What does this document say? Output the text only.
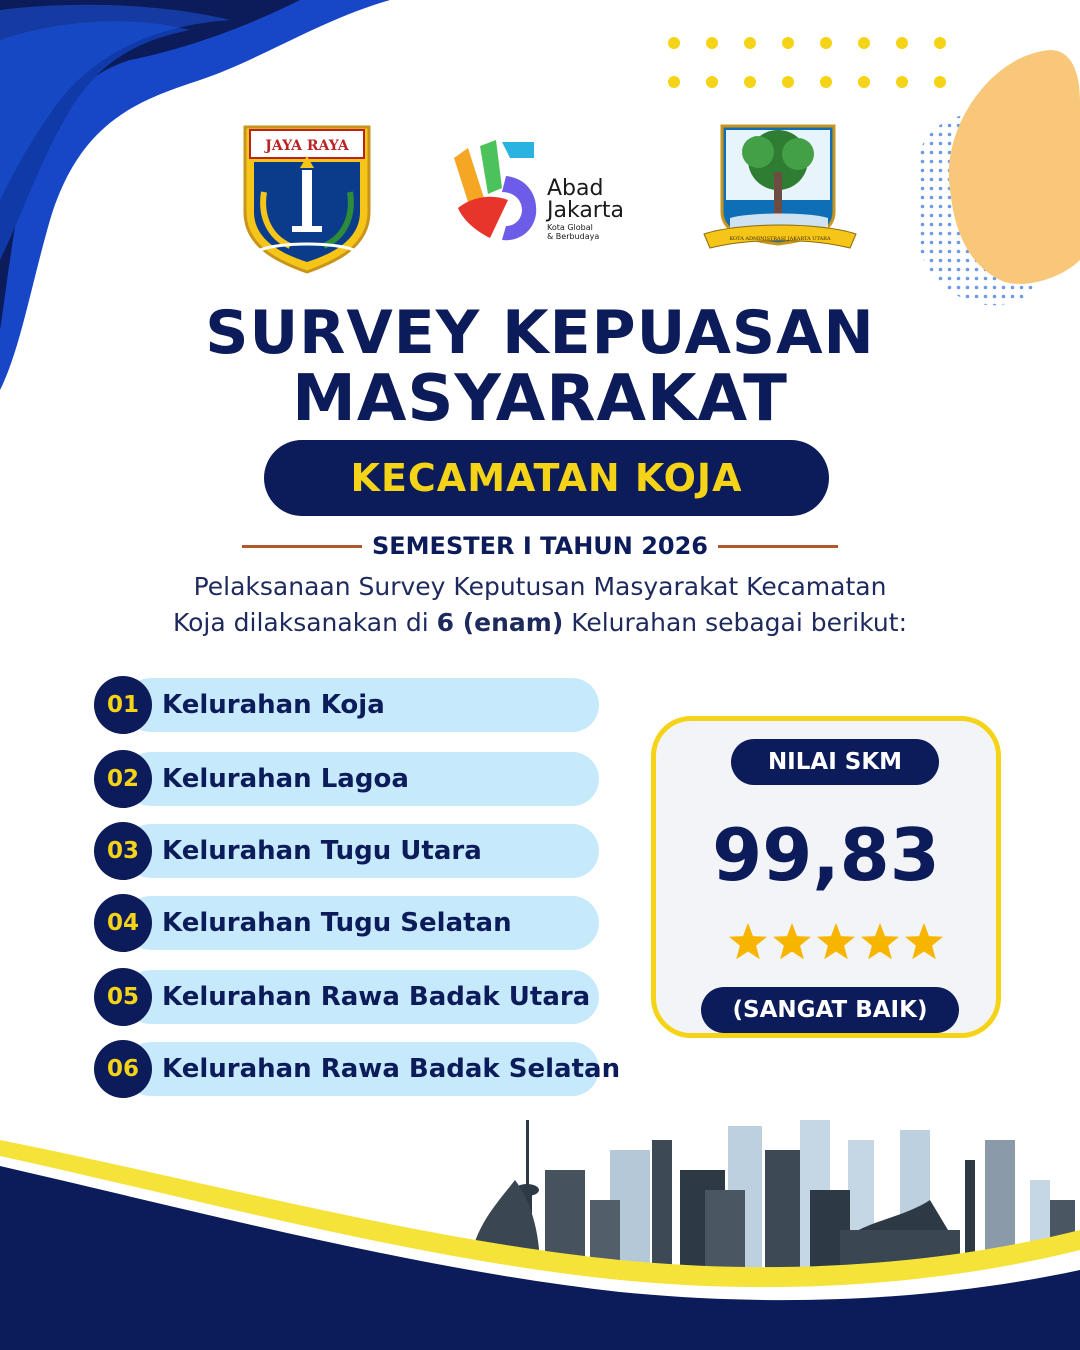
JAYA RAYA
Abad
Jakarta
Kota Global
& Berbudaya	KOTA ADMINISTRASI JAKARTA UTARA
SURVEY KEPUASAN
MASYARAKAT
KECAMATAN KOJA
SEMESTER I TAHUN 2026
Pelaksanaan Survey Keputusan Masyarakat Kecamatan
Koja dilaksanakan di 6 (enam) Kelurahan sebagai berikut:
01 Kelurahan Koja
02 Kelurahan Lagoa
03 Kelurahan Tugu Utara
04 Kelurahan Tugu Selatan
05 Kelurahan Rawa Badak Utara
06 Kelurahan Rawa Badak Selatan
NILAI SKM
99,83
(SANGAT BAIK)
